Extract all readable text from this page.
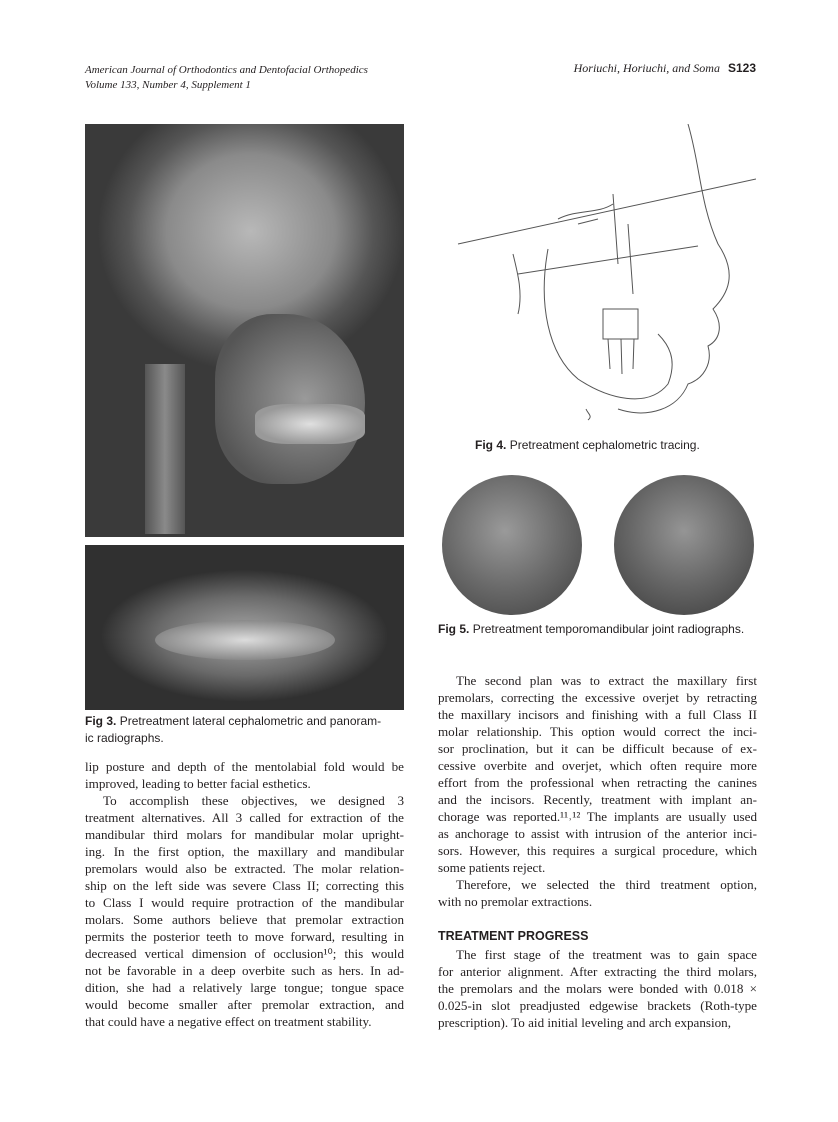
American Journal of Orthodontics and Dentofacial Orthopedics
Volume 133, Number 4, Supplement 1
Horiuchi, Horiuchi, and Soma S123
Fig 3. Pretreatment lateral cephalometric and panoram-
ic radiographs.
Fig 4. Pretreatment cephalometric tracing.
Fig 5. Pretreatment temporomandibular joint radiographs.
lip posture and depth of the mentolabial fold would be
improved, leading to better facial esthetics.
To accomplish these objectives, we designed 3
treatment alternatives. All 3 called for extraction of the
mandibular third molars for mandibular molar upright-
ing. In the first option, the maxillary and mandibular
premolars would also be extracted. The molar relation-
ship on the left side was severe Class II; correcting this
to Class I would require protraction of the mandibular
molars. Some authors believe that premolar extraction
permits the posterior teeth to move forward, resulting in
decreased vertical dimension of occlusion¹⁰; this would
not be favorable in a deep overbite such as hers. In ad-
dition, she had a relatively large tongue; tongue space
would become smaller after premolar extraction, and
that could have a negative effect on treatment stability.
The second plan was to extract the maxillary first
premolars, correcting the excessive overjet by retracting
the maxillary incisors and finishing with a full Class II
molar relationship. This option would correct the inci-
sor proclination, but it can be difficult because of ex-
cessive overbite and overjet, which often require more
effort from the professional when retracting the canines
and the incisors. Recently, treatment with implant an-
chorage was reported.¹¹˒¹² The implants are usually used
as anchorage to assist with intrusion of the anterior inci-
sors. However, this requires a surgical procedure, which
some patients reject.
Therefore, we selected the third treatment option,
with no premolar extractions.
TREATMENT PROGRESS
The first stage of the treatment was to gain space
for anterior alignment. After extracting the third molars,
the premolars and the molars were bonded with 0.018 ×
0.025-in slot preadjusted edgewise brackets (Roth-type
prescription). To aid initial leveling and arch expansion,
